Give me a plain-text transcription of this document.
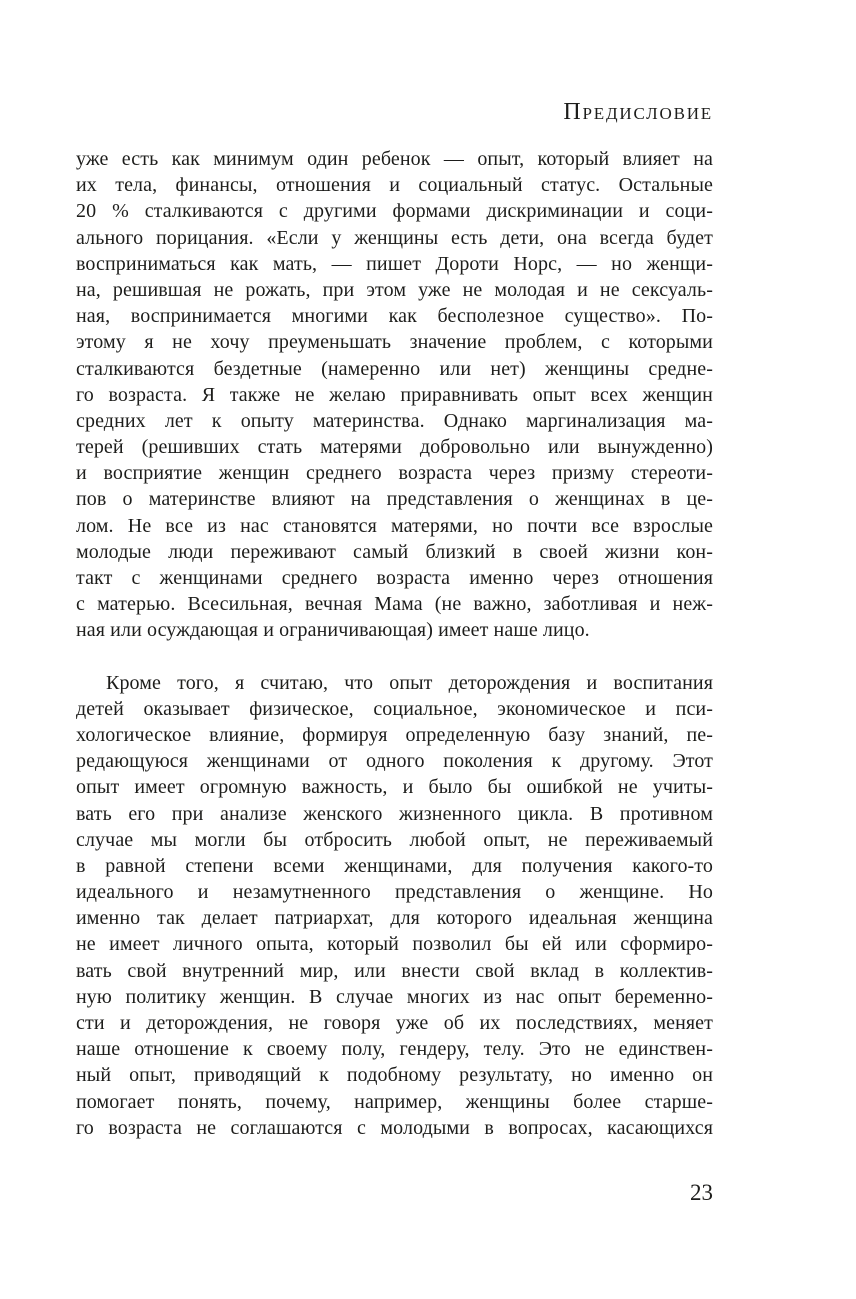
Предисловие
уже есть как минимум один ребенок — опыт, который влияет на
их тела, финансы, отношения и социальный статус. Остальные
20 % сталкиваются с другими формами дискриминации и соци-
ального порицания. «Если у женщины есть дети, она всегда будет
восприниматься как мать, — пишет Дороти Норс, — но женщи-
на, решившая не рожать, при этом уже не молодая и не сексуаль-
ная, воспринимается многими как бесполезное существо». По-
этому я не хочу преуменьшать значение проблем, с которыми
сталкиваются бездетные (намеренно или нет) женщины средне-
го возраста. Я также не желаю приравнивать опыт всех женщин
средних лет к опыту материнства. Однако маргинализация ма-
терей (решивших стать матерями добровольно или вынужденно)
и восприятие женщин среднего возраста через призму стереоти-
пов о материнстве влияют на представления о женщинах в це-
лом. Не все из нас становятся матерями, но почти все взрослые
молодые люди переживают самый близкий в своей жизни кон-
такт с женщинами среднего возраста именно через отношения
с матерью. Всесильная, вечная Мама (не важно, заботливая и неж-
ная или осуждающая и ограничивающая) имеет наше лицо.
Кроме того, я считаю, что опыт деторождения и воспитания
детей оказывает физическое, социальное, экономическое и пси-
хологическое влияние, формируя определенную базу знаний, пе-
редающуюся женщинами от одного поколения к другому. Этот
опыт имеет огромную важность, и было бы ошибкой не учиты-
вать его при анализе женского жизненного цикла. В противном
случае мы могли бы отбросить любой опыт, не переживаемый
в равной степени всеми женщинами, для получения какого-то
идеального и незамутненного представления о женщине. Но
именно так делает патриархат, для которого идеальная женщина
не имеет личного опыта, который позволил бы ей или сформиро-
вать свой внутренний мир, или внести свой вклад в коллектив-
ную политику женщин. В случае многих из нас опыт беременно-
сти и деторождения, не говоря уже об их последствиях, меняет
наше отношение к своему полу, гендеру, телу. Это не единствен-
ный опыт, приводящий к подобному результату, но именно он
помогает понять, почему, например, женщины более старше-
го возраста не соглашаются с молодыми в вопросах, касающихся
23
